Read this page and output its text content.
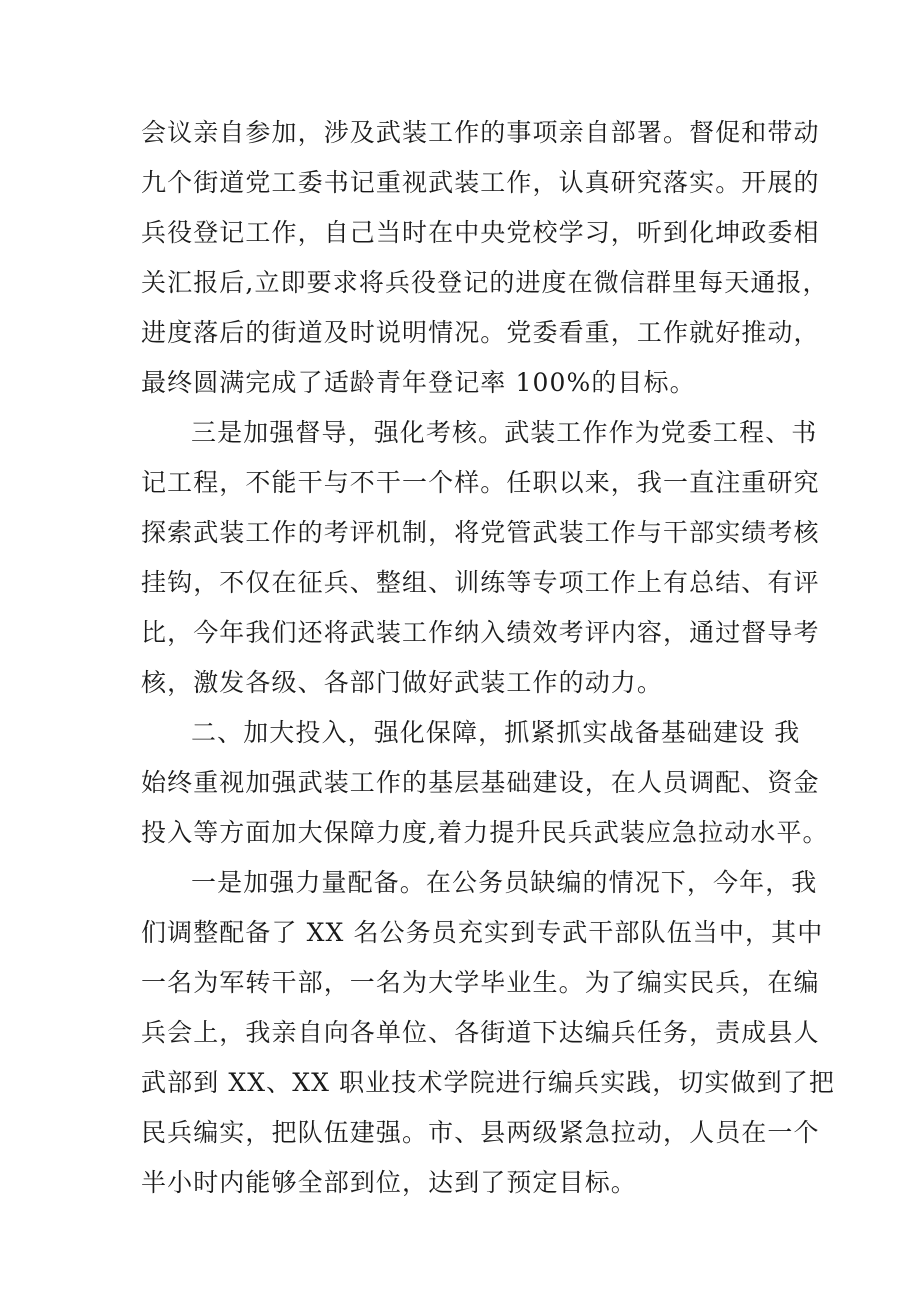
会议亲自参加，涉及武装工作的事项亲自部署。督促和带动
九个街道党工委书记重视武装工作，认真研究落实。开展的
兵役登记工作，自己当时在中央党校学习，听到化坤政委相
关汇报后,立即要求将兵役登记的进度在微信群里每天通报，
进度落后的街道及时说明情况。党委看重，工作就好推动，
最终圆满完成了适龄青年登记率 100%的目标。
三是加强督导，强化考核。武装工作作为党委工程、书
记工程，不能干与不干一个样。任职以来，我一直注重研究
探索武装工作的考评机制，将党管武装工作与干部实绩考核
挂钩，不仅在征兵、整组、训练等专项工作上有总结、有评
比，今年我们还将武装工作纳入绩效考评内容，通过督导考
核，激发各级、各部门做好武装工作的动力。
二、加大投入，强化保障，抓紧抓实战备基础建设 我
始终重视加强武装工作的基层基础建设，在人员调配、资金
投入等方面加大保障力度,着力提升民兵武装应急拉动水平。
一是加强力量配备。在公务员缺编的情况下，今年，我
们调整配备了 XX 名公务员充实到专武干部队伍当中，其中
一名为军转干部，一名为大学毕业生。为了编实民兵，在编
兵会上，我亲自向各单位、各街道下达编兵任务，责成县人
武部到 XX、XX 职业技术学院进行编兵实践，切实做到了把
民兵编实，把队伍建强。市、县两级紧急拉动，人员在一个
半小时内能够全部到位，达到了预定目标。
